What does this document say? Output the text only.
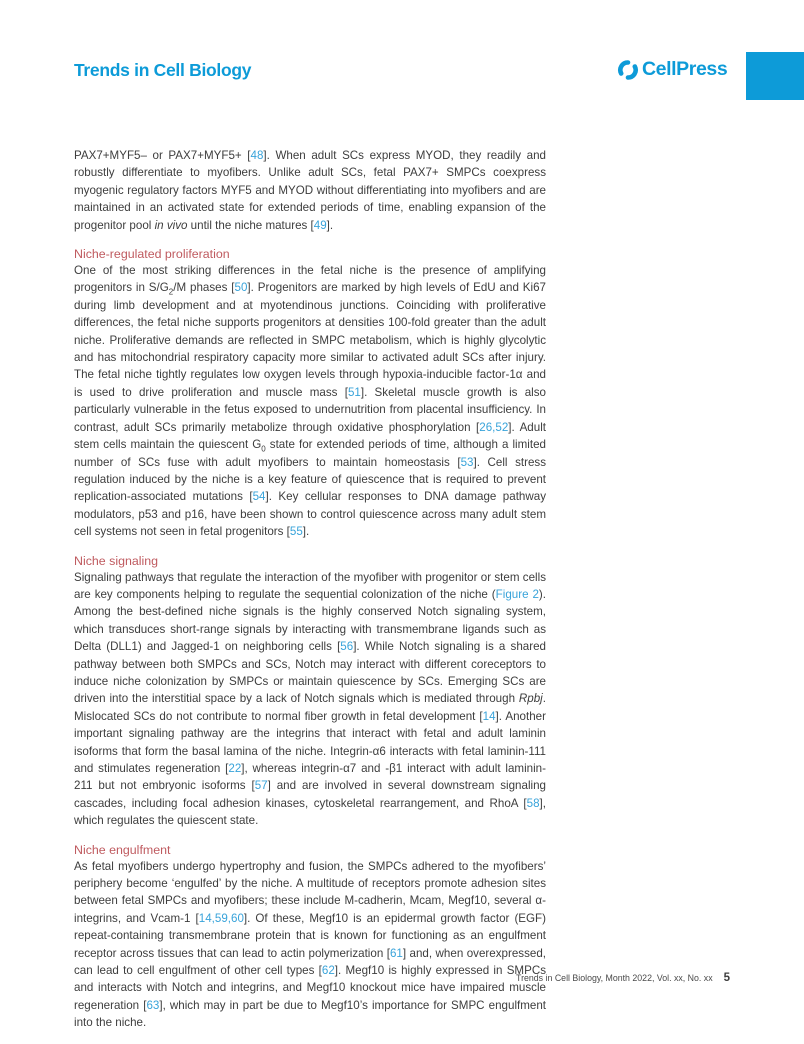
Trends in Cell Biology	CellPress

PAX7+MYF5– or PAX7+MYF5+ [48]. When adult SCs express MYOD, they readily and robustly differentiate to myofibers. Unlike adult SCs, fetal PAX7+ SMPCs coexpress myogenic regulatory factors MYF5 and MYOD without differentiating into myofibers and are maintained in an activated state for extended periods of time, enabling expansion of the progenitor pool in vivo until the niche matures [49].

Niche-regulated proliferation

One of the most striking differences in the fetal niche is the presence of amplifying progenitors in $S/G_2/M$ phases [50]. Progenitors are marked by high levels of EdU and Ki67 during limb development and at myotendinous junctions. Coinciding with proliferative differences, the fetal niche supports progenitors at densities 100-fold greater than the adult niche. Proliferative demands are reflected in SMPC metabolism, which is highly glycolytic and has mitochondrial respiratory capacity more similar to activated adult SCs after injury. The fetal niche tightly regulates low oxygen levels through hypoxia-inducible factor-1α and is used to drive proliferation and muscle mass [51]. Skeletal muscle growth is also particularly vulnerable in the fetus exposed to undernutrition from placental insufficiency. In contrast, adult SCs primarily metabolize through oxidative phosphorylation [26,52]. Adult stem cells maintain the quiescent $G_0$ state for extended periods of time, although a limited number of SCs fuse with adult myofibers to maintain homeostasis [53]. Cell stress regulation induced by the niche is a key feature of quiescence that is required to prevent replication-associated mutations [54]. Key cellular responses to DNA damage pathway modulators, p53 and p16, have been shown to control quiescence across many adult stem cell systems not seen in fetal progenitors [55].

Niche signaling

Signaling pathways that regulate the interaction of the myofiber with progenitor or stem cells are key components helping to regulate the sequential colonization of the niche (Figure 2). Among the best-defined niche signals is the highly conserved Notch signaling system, which transduces short-range signals by interacting with transmembrane ligands such as Delta (DLL1) and Jagged-1 on neighboring cells [56]. While Notch signaling is a shared pathway between both SMPCs and SCs, Notch may interact with different coreceptors to induce niche colonization by SMPCs or maintain quiescence by SCs. Emerging SCs are driven into the interstitial space by a lack of Notch signals which is mediated through Rpbj. Mislocated SCs do not contribute to normal fiber growth in fetal development [14]. Another important signaling pathway are the integrins that interact with fetal and adult laminin isoforms that form the basal lamina of the niche. Integrin-α6 interacts with fetal laminin-111 and stimulates regeneration [22], whereas integrin-α7 and -β1 interact with adult laminin-211 but not embryonic isoforms [57] and are involved in several downstream signaling cascades, including focal adhesion kinases, cytoskeletal rearrangement, and RhoA [58], which regulates the quiescent state.

Niche engulfment

As fetal myofibers undergo hypertrophy and fusion, the SMPCs adhered to the myofibers’ periphery become ‘engulfed’ by the niche. A multitude of receptors promote adhesion sites between fetal SMPCs and myofibers; these include M-cadherin, Mcam, Megf10, several α-integrins, and Vcam-1 [14,59,60]. Of these, Megf10 is an epidermal growth factor (EGF) repeat-containing transmembrane protein that is known for functioning as an engulfment receptor across tissues that can lead to actin polymerization [61] and, when overexpressed, can lead to cell engulfment of other cell types [62]. Megf10 is highly expressed in SMPCs and interacts with Notch and integrins, and Megf10 knockout mice have impaired muscle regeneration [63], which may in part be due to Megf10’s importance for SMPC engulfment into the niche.

Trends in Cell Biology, Month 2022, Vol. xx, No. xx 5
